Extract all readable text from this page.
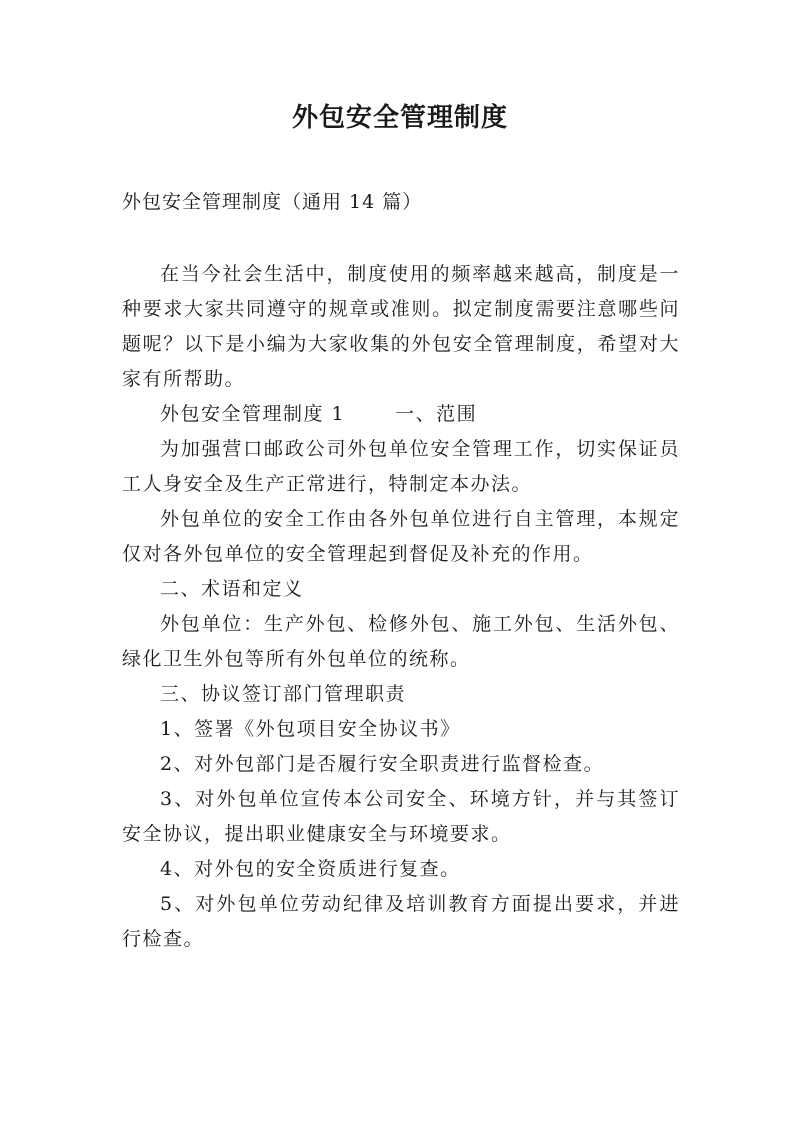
外包安全管理制度
外包安全管理制度（通用 14 篇）

在当今社会生活中，制度使用的频率越来越高，制度是一种要求大家共同遵守的规章或准则。拟定制度需要注意哪些问题呢？以下是小编为大家收集的外包安全管理制度，希望对大家有所帮助。

外包安全管理制度 1	一、范围

为加强营口邮政公司外包单位安全管理工作，切实保证员工人身安全及生产正常进行，特制定本办法。

外包单位的安全工作由各外包单位进行自主管理，本规定仅对各外包单位的安全管理起到督促及补充的作用。

二、术语和定义

外包单位：生产外包、检修外包、施工外包、生活外包、绿化卫生外包等所有外包单位的统称。

三、协议签订部门管理职责

1、签署《外包项目安全协议书》

2、对外包部门是否履行安全职责进行监督检查。

3、对外包单位宣传本公司安全、环境方针，并与其签订安全协议，提出职业健康安全与环境要求。

4、对外包的安全资质进行复查。

5、对外包单位劳动纪律及培训教育方面提出要求，并进行检查。
